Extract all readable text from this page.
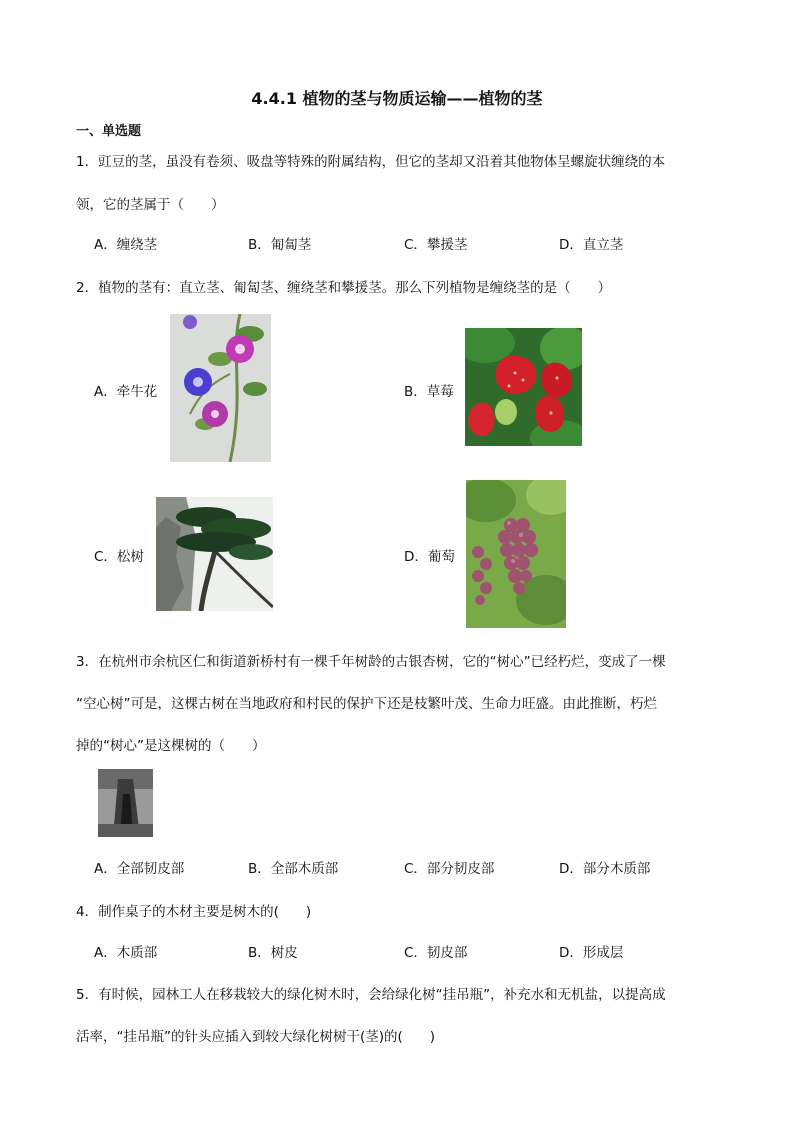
4.4.1 植物的茎与物质运输——植物的茎
一、单选题
1．豇豆的茎，虽没有卷须、吸盘等特殊的附属结构，但它的茎却又沿着其他物体呈螺旋状缠绕的本
领，它的茎属于（　　）
A．缠绕茎	B．匍匐茎	C．攀援茎	D．直立茎
2．植物的茎有：直立茎、匍匐茎、缠绕茎和攀援茎。那么下列植物是缠绕茎的是（　　）
A．牵牛花	B．草莓
C．松树	D．葡萄
3．在杭州市余杭区仁和街道新桥村有一棵千年树龄的古银杏树，它的“树心”已经朽烂，变成了一棵
“空心树”可是，这棵古树在当地政府和村民的保护下还是枝繁叶茂、生命力旺盛。由此推断，朽烂
掉的“树心”是这棵树的（　　）
A．全部韧皮部	B．全部木质部	C．部分韧皮部	D．部分木质部
4．制作桌子的木材主要是树木的(　　)
A．木质部	B．树皮	C．韧皮部	D．形成层
5．有时候，园林工人在移栽较大的绿化树木时，会给绿化树“挂吊瓶”，补充水和无机盐，以提高成
活率，“挂吊瓶”的针头应插入到较大绿化树树干(茎)的(　　)
